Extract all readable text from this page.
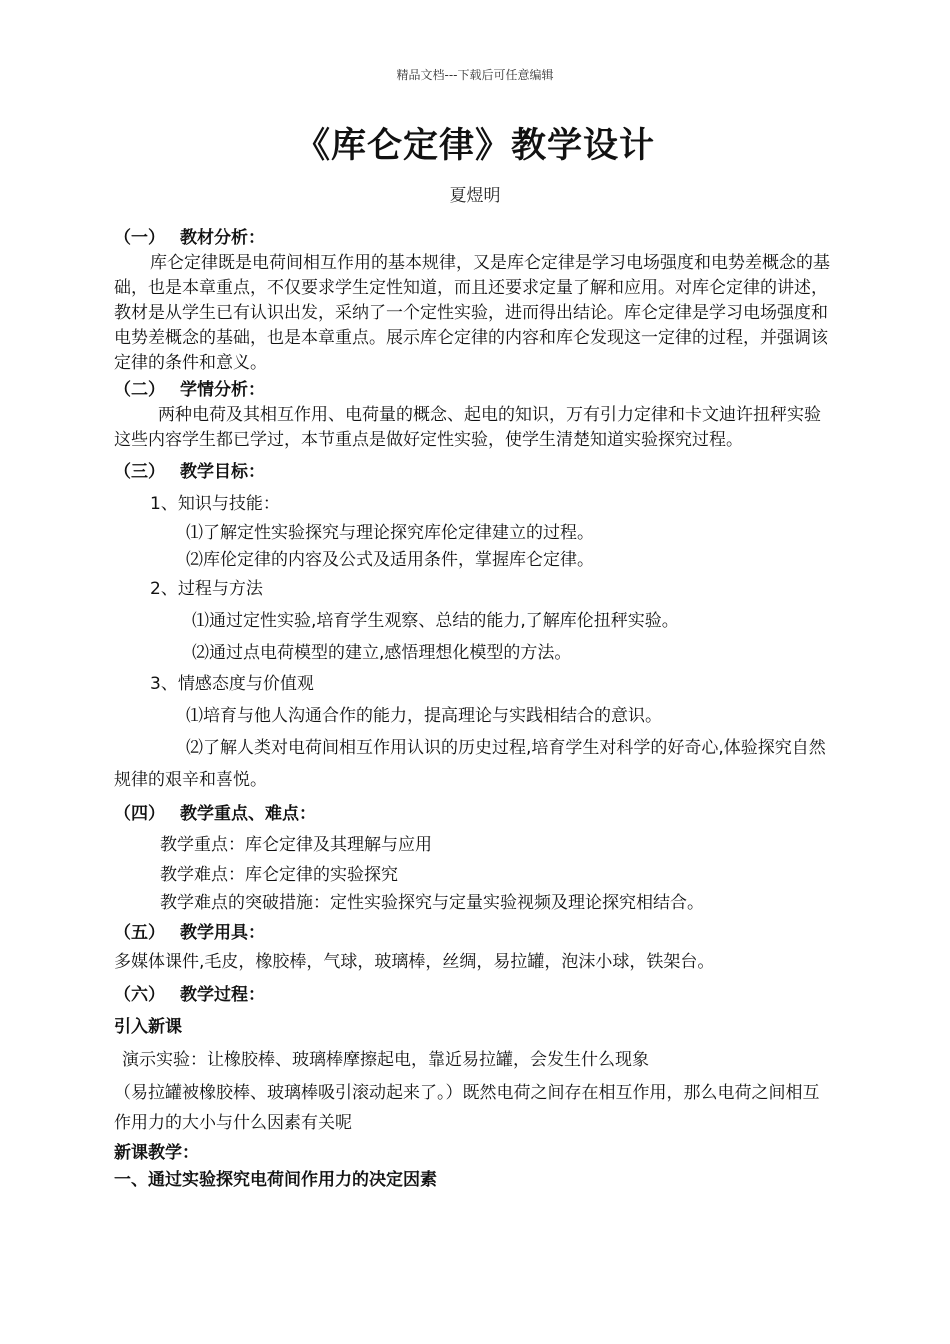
精品文档---下载后可任意编辑
《库仑定律》教学设计
夏煜明
（一） 教材分析：
库仑定律既是电荷间相互作用的基本规律，又是库仑定律是学习电场强度和电势差概念的基础，也是本章重点，不仅要求学生定性知道，而且还要求定量了解和应用。对库仑定律的讲述，教材是从学生已有认识出发，采纳了一个定性实验，进而得出结论。库仑定律是学习电场强度和电势差概念的基础，也是本章重点。展示库仑定律的内容和库仑发现这一定律的过程，并强调该定律的条件和意义。
（二） 学情分析：
两种电荷及其相互作用、电荷量的概念、起电的知识，万有引力定律和卡文迪许扭秤实验这些内容学生都已学过，本节重点是做好定性实验，使学生清楚知道实验探究过程。
（三） 教学目标：
1、知识与技能：
⑴了解定性实验探究与理论探究库伦定律建立的过程。
⑵库伦定律的内容及公式及适用条件，掌握库仑定律。
2、过程与方法
⑴通过定性实验,培育学生观察、总结的能力,了解库伦扭秤实验。
⑵通过点电荷模型的建立,感悟理想化模型的方法。
3、情感态度与价值观
⑴培育与他人沟通合作的能力，提高理论与实践相结合的意识。
⑵了解人类对电荷间相互作用认识的历史过程,培育学生对科学的好奇心,体验探究自然规律的艰辛和喜悦。
（四） 教学重点、难点：
教学重点：库仑定律及其理解与应用
教学难点：库仑定律的实验探究
教学难点的突破措施：定性实验探究与定量实验视频及理论探究相结合。
（五） 教学用具：
多媒体课件,毛皮，橡胶棒，气球，玻璃棒，丝绸，易拉罐，泡沫小球，铁架台。
（六） 教学过程：
引入新课
演示实验：让橡胶棒、玻璃棒摩擦起电，靠近易拉罐，会发生什么现象
（易拉罐被橡胶棒、玻璃棒吸引滚动起来了。）既然电荷之间存在相互作用，那么电荷之间相互作用力的大小与什么因素有关呢
新课教学：
一、通过实验探究电荷间作用力的决定因素
